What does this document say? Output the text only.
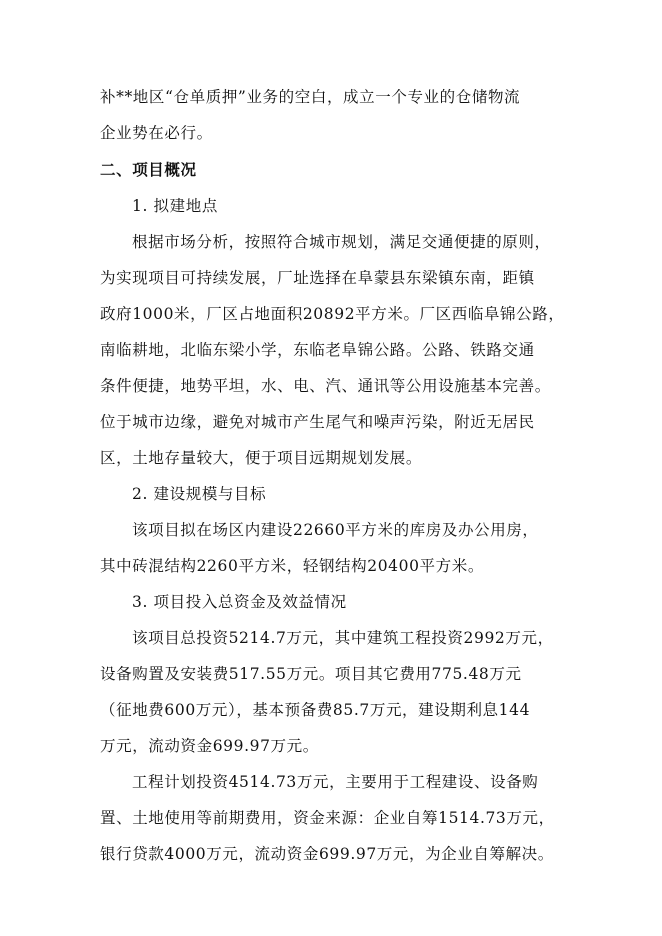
补**地区“仓单质押”业务的空白，成立一个专业的仓储物流
企业势在必行。
二、项目概况
1. 拟建地点
根据市场分析，按照符合城市规划，满足交通便捷的原则，
为实现项目可持续发展，厂址选择在阜蒙县东梁镇东南，距镇
政府1000米，厂区占地面积20892平方米。厂区西临阜锦公路，
南临耕地，北临东梁小学，东临老阜锦公路。公路、铁路交通
条件便捷，地势平坦，水、电、汽、通讯等公用设施基本完善。
位于城市边缘，避免对城市产生尾气和噪声污染，附近无居民
区，土地存量较大，便于项目远期规划发展。
2. 建设规模与目标
该项目拟在场区内建设22660平方米的库房及办公用房，
其中砖混结构2260平方米，轻钢结构20400平方米。
3. 项目投入总资金及效益情况
该项目总投资5214.7万元，其中建筑工程投资2992万元，
设备购置及安装费517.55万元。项目其它费用775.48万元
（征地费600万元），基本预备费85.7万元，建设期利息144
万元，流动资金699.97万元。
工程计划投资4514.73万元，主要用于工程建设、设备购
置、土地使用等前期费用，资金来源：企业自筹1514.73万元，
银行贷款4000万元，流动资金699.97万元，为企业自筹解决。
